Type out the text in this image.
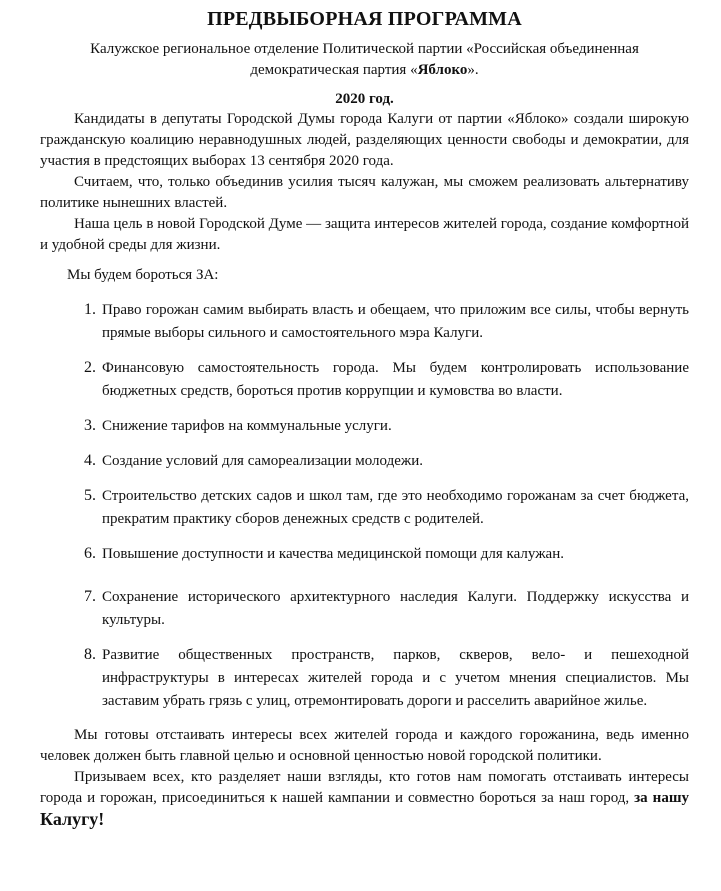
ПРЕДВЫБОРНАЯ ПРОГРАММА
Калужское региональное отделение Политической партии «Российская объединенная
демократическая партия «Яблоко».
2020 год.

Кандидаты в депутаты Городской Думы города Калуги от партии «Яблоко» создали широкую гражданскую коалицию неравнодушных людей, разделяющих ценности свободы и демократии, для участия в предстоящих выборах 13 сентября 2020 года.

Считаем, что, только объединив усилия тысяч калужан, мы сможем реализовать альтернативу политике нынешних властей.

Наша цель в новой Городской Думе — защита интересов жителей города, создание комфортной и удобной среды для жизни.

Мы будем бороться ЗА:
1. Право горожан самим выбирать власть и обещаем, что приложим все силы, чтобы вернуть прямые выборы сильного и самостоятельного мэра Калуги.
2. Финансовую самостоятельность города. Мы будем контролировать использование бюджетных средств, бороться против коррупции и кумовства во власти.
3. Снижение тарифов на коммунальные услуги.
4. Создание условий для самореализации молодежи.
5. Строительство детских садов и школ там, где это необходимо горожанам за счет бюджета, прекратим практику сборов денежных средств с родителей.
6. Повышение доступности и качества медицинской помощи для калужан.
7. Сохранение исторического архитектурного наследия Калуги. Поддержку искусства и культуры.
8. Развитие общественных пространств, парков, скверов, вело- и пешеходной инфраструктуры в интересах жителей города и с учетом мнения специалистов. Мы заставим убрать грязь с улиц, отремонтировать дороги и расселить аварийное жилье.

Мы готовы отстаивать интересы всех жителей города и каждого горожанина, ведь именно человек должен быть главной целью и основной ценностью новой городской политики.

Призываем всех, кто разделяет наши взгляды, кто готов нам помогать отстаивать интересы города и горожан, присоединиться к нашей кампании и совместно бороться за наш город, за нашу Калугу!
